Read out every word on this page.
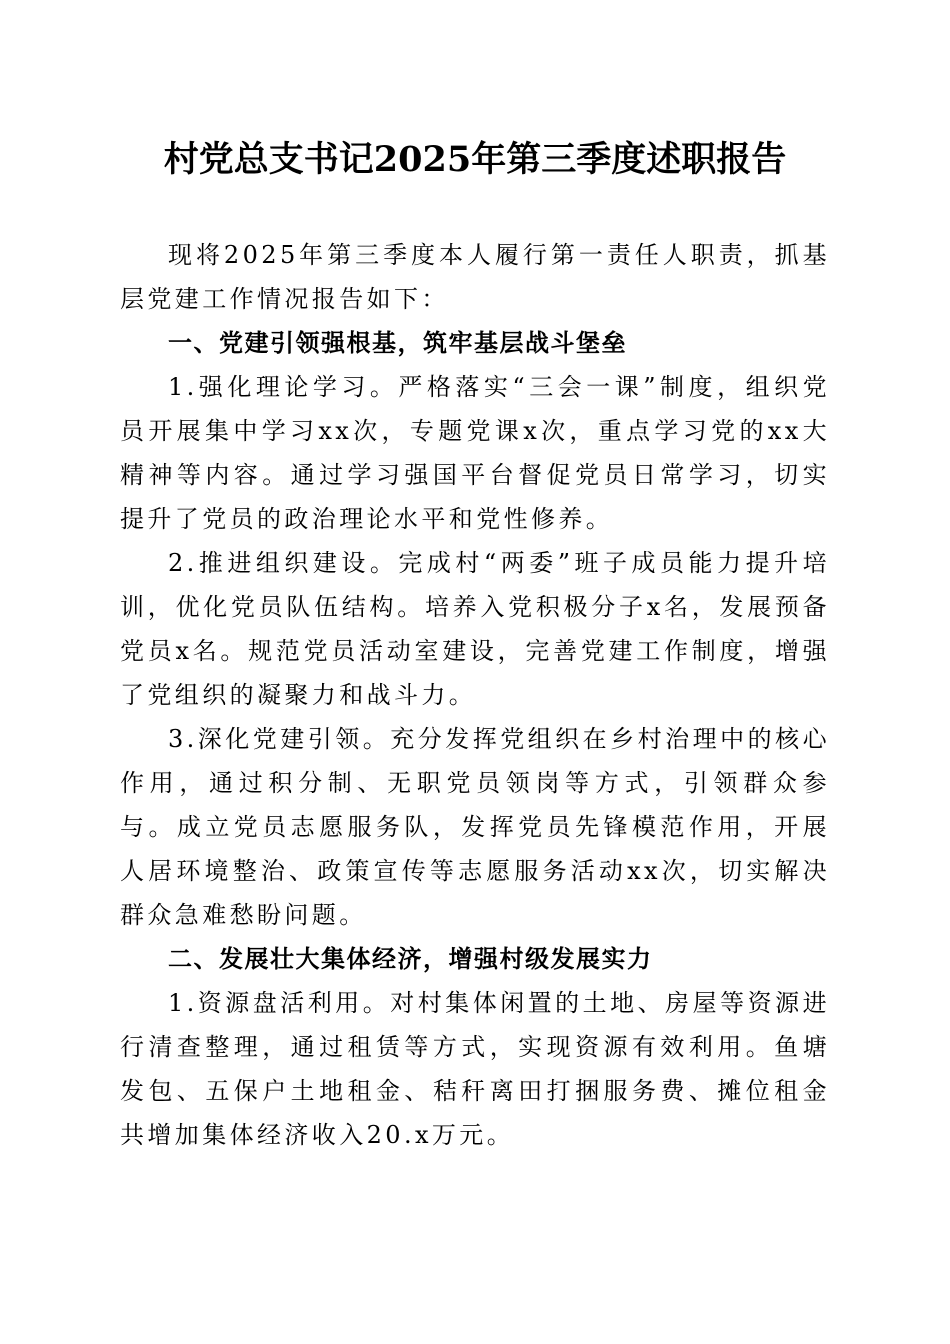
村党总支书记2025年第三季度述职报告

现将2025年第三季度本人履行第一责任人职责，抓基层党建工作情况报告如下：

一、党建引领强根基，筑牢基层战斗堡垒

1.强化理论学习。严格落实“三会一课”制度，组织党员开展集中学习xx次，专题党课x次，重点学习党的xx大精神等内容。通过学习强国平台督促党员日常学习，切实提升了党员的政治理论水平和党性修养。

2.推进组织建设。完成村“两委”班子成员能力提升培训，优化党员队伍结构。培养入党积极分子x名，发展预备党员x名。规范党员活动室建设，完善党建工作制度，增强了党组织的凝聚力和战斗力。

3.深化党建引领。充分发挥党组织在乡村治理中的核心作用，通过积分制、无职党员领岗等方式，引领群众参与。成立党员志愿服务队，发挥党员先锋模范作用，开展人居环境整治、政策宣传等志愿服务活动xx次，切实解决群众急难愁盼问题。

二、发展壮大集体经济，增强村级发展实力

1.资源盘活利用。对村集体闲置的土地、房屋等资源进行清查整理，通过租赁等方式，实现资源有效利用。鱼塘发包、五保户土地租金、秸秆离田打捆服务费、摊位租金共增加集体经济收入20.x万元。
